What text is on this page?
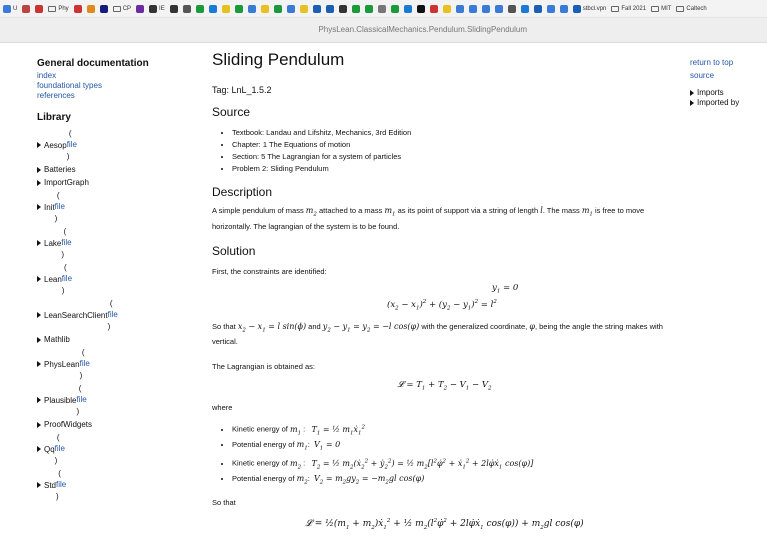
U	Phy	CP	IE	stbcl.vpn	Fall 2021	MIT	Caltech
PhysLean.ClassicalMechanics.Pendulum.SlidingPendulum
General documentation
index
foundational types
references
Library
Aesop
(
file
)
Batteries
ImportGraph
Init
(
file
)
Lake
(
file
)
Lean
(
file
)
LeanSearchClient
(
file
)
Mathlib
PhysLean
(
file
)
Plausible
(
file
)
ProofWidgets
Qq
(
file
)
Std
(
file
)
Sliding Pendulum
Tag: LnL_1.5.2
Source
• Textbook: Landau and Lifshitz, Mechanics, 3rd Edition
• Chapter: 1 The Equations of motion
• Section: 5 The Lagrangian for a system of particles
• Problem 2: Sliding Pendulum
Description

A simple pendulum of mass $m_2$ attached to a mass $m_1$ as its point of support via a string of length l. The mass $m_1$ is free to move horizontally. The lagrangian of the system is to be found.

Solution

First, the constraints are identified:

$y_1 = 0$
$(x_2 - x_1)^2 + (y_2 - y_1)^2 = l^2$

So that $x_2 - x_1 = l$ sin(ϕ) and $y_2 - y_1 = y_2 = -l$ cos(φ) with the generalized coordinate, φ, being the angle the string makes with vertical.

The Lagrangian is obtained as:

𝓛 = $T_1 + T_2 - V_1 - V_2$

where

• Kinetic energy of $m_1$ :   $T_1$ = ½ $m_1ẋ_1^2$
• Potential energy of $m_1$:  $V_1 = 0$
• Kinetic energy of $m_2$ :   $T_2$ = ½ $m_2(ẋ_2^2$ + ẏ$_2^2$) = ½ $m_2[l^2\varphi̇^2$ + ẋ$_1^2$ + 2lφ̇ẋ$_1$ cos(φ)]
• Potential energy of $m_2$:  $V_2 = m_2gy_2 = -m_2gl$ cos(φ)

So that

𝓛 = $\frac{1}{2}(m_1$ + $m_2)ẋ_1^2$ + ½ $m_2(l^2\varphi̇^2$ + 2lφ̇ẋ$_1$ $\cos(\varphi)) + m_2gl$ cos(φ)
return to top
source
Imports
Imported by
